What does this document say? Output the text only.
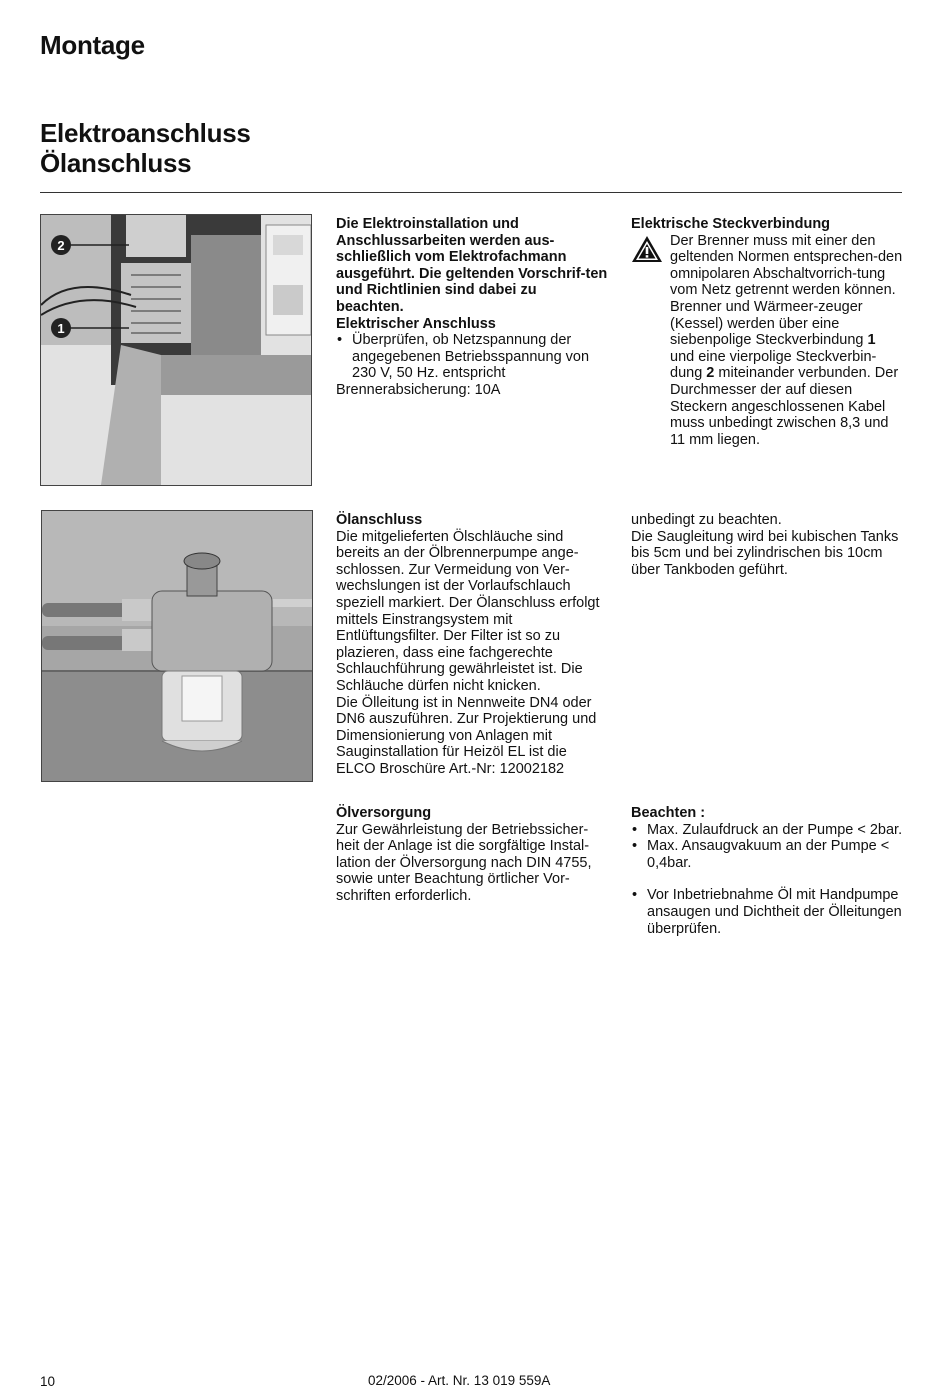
Montage
Elektroanschluss
Ölanschluss
2
1

Die Elektroinstallation und Anschlussarbeiten werden aus-schließlich vom Elektrofachmann ausgeführt. Die geltenden Vorschrif-ten und Richtlinien sind dabei zu beachten.

Elektrischer Anschluss

• Überprüfen, ob Netzspannung der angegebenen Betriebsspannung von 230 V, 50 Hz. entspricht

Brennerabsicherung: 10A

Elektrische Steckverbindung

Der Brenner muss mit einer den geltenden Normen entsprechen-den omnipolaren Abschaltvorrich-tung vom Netz getrennt werden können. Brenner und Wärmeer-zeuger (Kessel) werden über eine siebenpolige Steckverbindung 1 und eine vierpolige Steckverbin-dung 2 miteinander verbunden. Der Durchmesser der auf diesen Steckern angeschlossenen Kabel muss unbedingt zwischen 8,3 und 11 mm liegen.

Ölanschluss

Die mitgelieferten Ölschläuche sind bereits an der Ölbrennerpumpe ange-schlossen. Zur Vermeidung von Ver-wechslungen ist der Vorlaufschlauch speziell markiert. Der Ölanschluss erfolgt mittels Einstrangsystem mit Entlüftungsfilter. Der Filter ist so zu plazieren, dass eine fachgerechte Schlauchführung gewährleistet ist. Die Schläuche dürfen nicht knicken.

Die Ölleitung ist in Nennweite DN4 oder DN6 auszuführen. Zur Projektierung und Dimensionierung von Anlagen mit Sauginstallation für Heizöl EL ist die ELCO Broschüre Art.-Nr: 12002182

unbedingt zu beachten.

Die Saugleitung wird bei kubischen Tanks bis 5cm und bei zylindrischen bis 10cm über Tankboden geführt.

Ölversorgung

Zur Gewährleistung der Betriebssicher-heit der Anlage ist die sorgfältige Instal-lation der Ölversorgung nach DIN 4755, sowie unter Beachtung örtlicher Vor-schriften erforderlich.

Beachten :

• Max. Zulaufdruck an der Pumpe < 2bar.
• Max. Ansaugvakuum an der Pumpe < 0,4bar.
• Vor Inbetriebnahme Öl mit Handpumpe ansaugen und Dichtheit der Ölleitungen überprüfen.
10	02/2006 - Art. Nr. 13 019 559A
